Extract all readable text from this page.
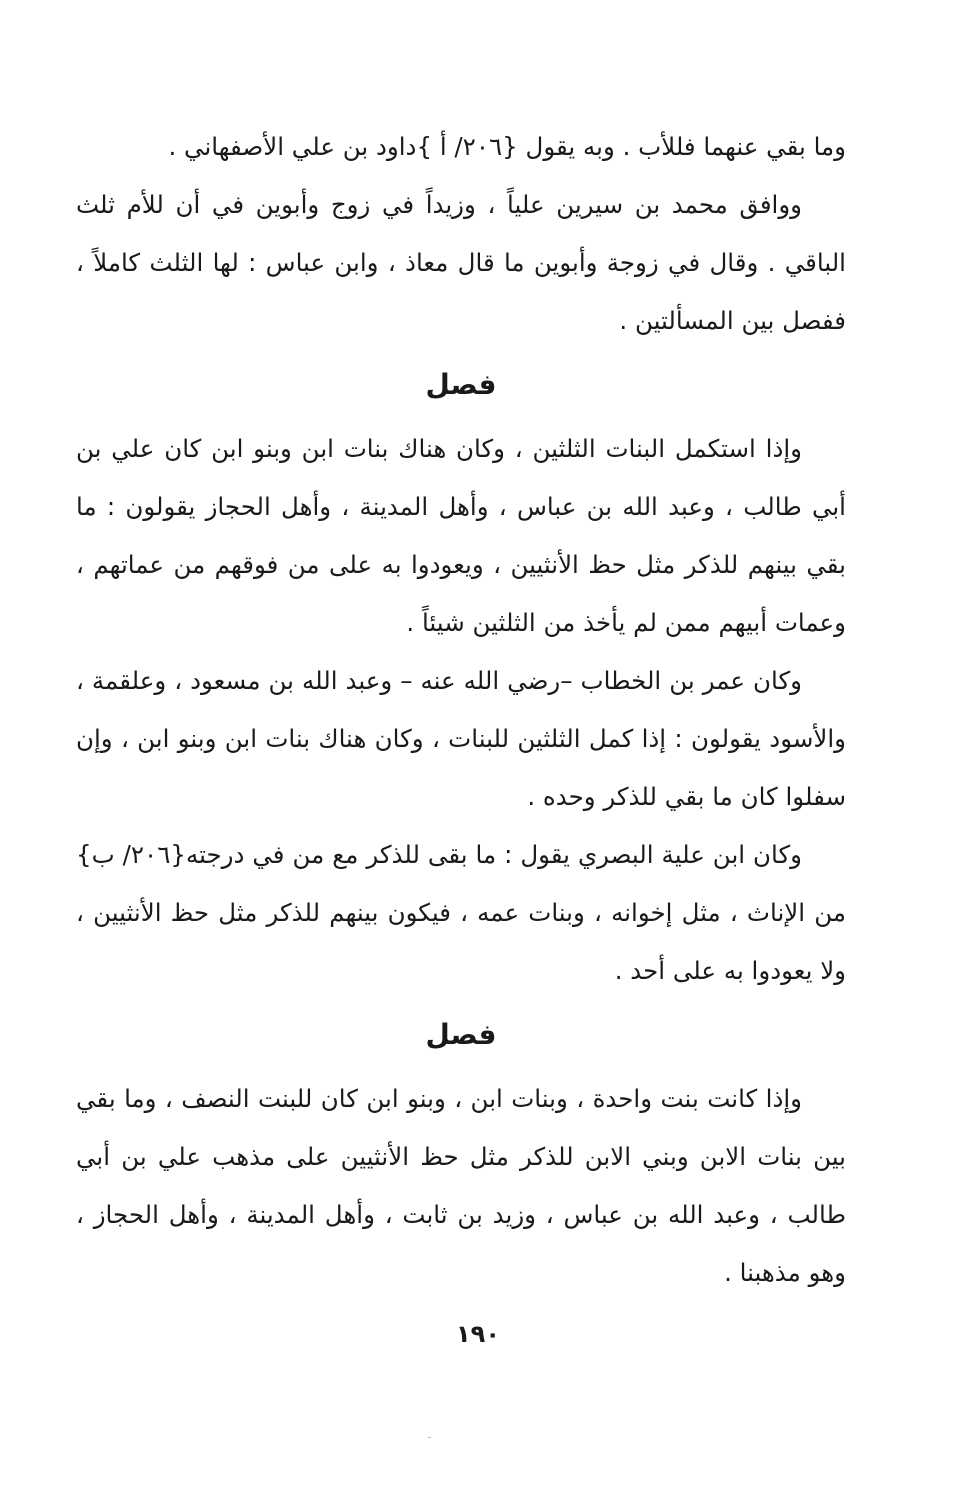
وما بقي عنهما فللأب . وبه يقول {٢٠٦/ أ }داود بن علي الأصفهاني .

ووافق محمد بن سيرين علياً ، وزيداً في زوج وأبوين في أن للأم ثلث الباقي . وقال في زوجة وأبوين ما قال معاذ ، وابن عباس : لها الثلث كاملاً ، ففصل بين المسألتين .

فصل

وإذا استكمل البنات الثلثين ، وكان هناك بنات ابن وبنو ابن كان علي بن أبي طالب ، وعبد الله بن عباس ، وأهل المدينة ، وأهل الحجاز يقولون : ما بقي بينهم للذكر مثل حظ الأنثيين ، ويعودوا به على من فوقهم من عماتهم ، وعمات أبيهم ممن لم يأخذ من الثلثين شيئاً .

وكان عمر بن الخطاب –رضي الله عنه – وعبد الله بن مسعود ، وعلقمة ، والأسود يقولون : إذا كمل الثلثين للبنات ، وكان هناك بنات ابن وبنو ابن ، وإن سفلوا كان ما بقي للذكر وحده .

وكان ابن علية البصري يقول : ما بقى للذكر مع من في درجته{٢٠٦/ ب} من الإناث ، مثل إخوانه ، وبنات عمه ، فيكون بينهم للذكر مثل حظ الأنثيين ، ولا يعودوا به على أحد .

فصل

وإذا كانت بنت واحدة ، وبنات ابن ، وبنو ابن كان للبنت النصف ، وما بقي بين بنات الابن وبني الابن للذكر مثل حظ الأنثيين على مذهب علي بن أبي طالب ، وعبد الله بن عباس ، وزيد بن ثابت ، وأهل المدينة ، وأهل الحجاز ، وهو مذهبنا .

١٩٠
